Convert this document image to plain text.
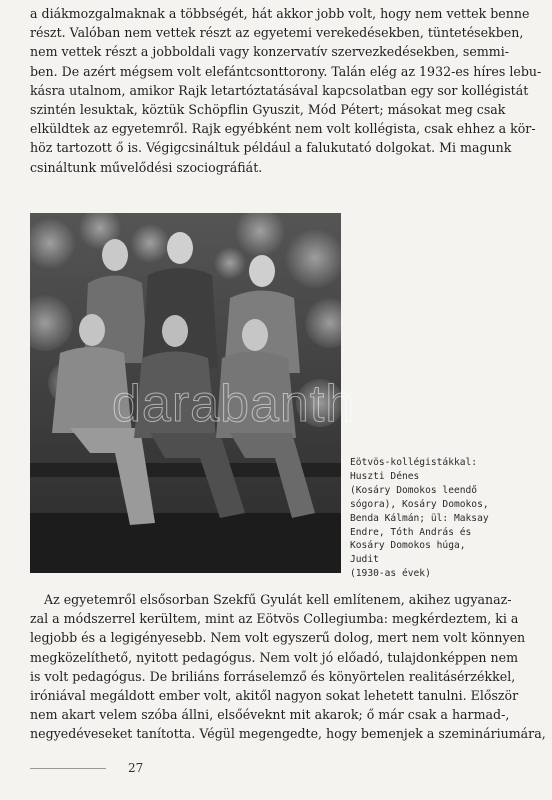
a diákmozgalmaknak a többségét, hát akkor jobb volt, hogy nem vettek benne
részt. Valóban nem vettek részt az egyetemi verekedésekben, tüntetésekben,
nem vettek részt a jobboldali vagy konzervatív szervezkedésekben, semmi-
ben. De azért mégsem volt elefántcsonttorony. Talán elég az 1932-es híres lebu-
kásra utalnom, amikor Rajk letartóztatásával kapcsolatban egy sor kollégistát
szintén lesuktak, köztük Schöpflin Gyuszit, Mód Pétert; másokat meg csak
elküldtek az egyetemről. Rajk egyébként nem volt kollégista, csak ehhez a kör-
höz tartozott ő is. Végigcsináltuk például a falukutató dolgokat. Mi magunk
csináltunk művelődési szociográfiát.

Eötvös-kollégistákkal:
Huszti Dénes
(Kosáry Domokos leendő
sógora), Kosáry Domokos,
Benda Kálmán; ül: Maksay
Endre, Tóth András és
Kosáry Domokos húga,
Judit
(1930-as évek)

Az egyetemről elsősorban Szekfű Gyulát kell említenem, akihez ugyanaz-
zal a módszerrel kerültem, mint az Eötvös Collegiumba: megkérdeztem, ki a
legjobb és a legigényesebb. Nem volt egyszerű dolog, mert nem volt könnyen
megközelíthető, nyitott pedagógus. Nem volt jó előadó, tulajdonképpen nem
is volt pedagógus. De briliáns forráselemző és könyörtelen realitásérzékkel,
iróniával megáldott ember volt, akitől nagyon sokat lehetett tanulni. Először
nem akart velem szóba állni, elsőéveknt mit akarok; ő már csak a harmad-,
negyedéveseket tanította. Végül megengedte, hogy bemenjek a szemináriumára,

27
